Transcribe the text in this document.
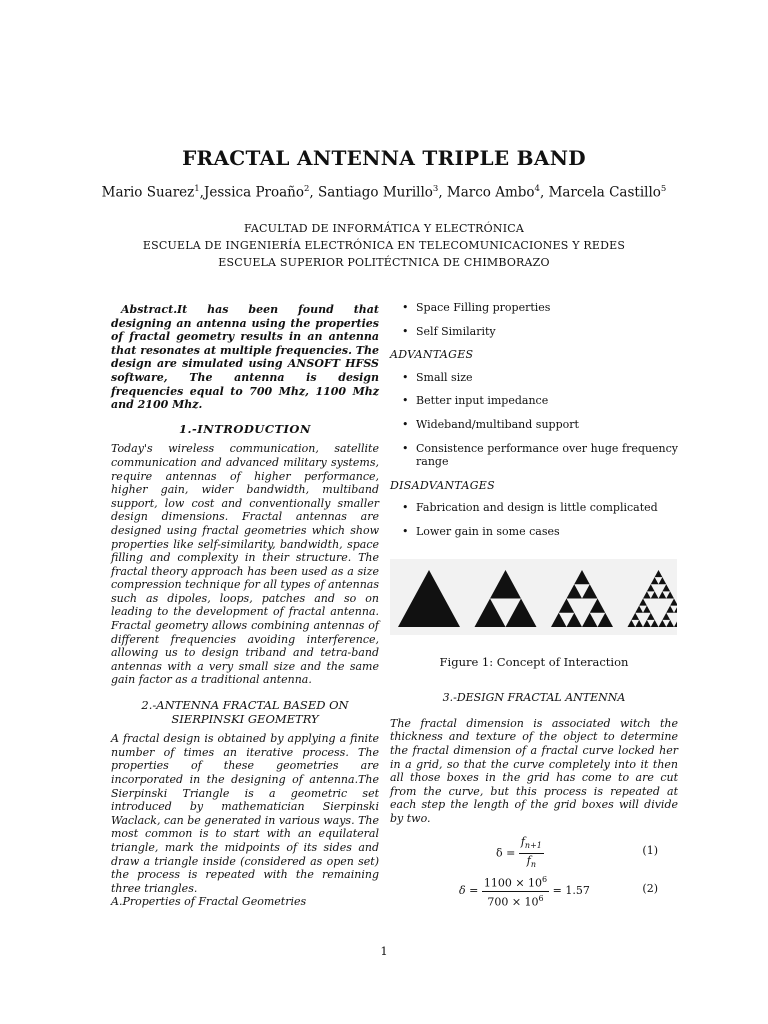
FRACTAL ANTENNA TRIPLE BAND
Mario Suarez$^1$,Jessica Proaño$^2$, Santiago Murillo$^3$, Marco Ambo$^4$, Marcela Castillo$^5$
FACULTAD DE INFORMÁTICA Y ELECTRÓNICA
ESCUELA DE INGENIERÍA ELECTRÓNICA EN TELECOMUNICACIONES Y REDES
ESCUELA SUPERIOR POLITÉCTNICA DE CHIMBORAZO

Abstract.It has been found that designing an antenna using the properties of fractal geometry results in an antenna that resonates at multiple frequencies. The design are simulated using ANSOFT HFSS software, The antenna is design frequencies equal to 700 Mhz, 1100 Mhz and 2100 Mhz.

1.-INTRODUCTION

Today's wireless communication, satellite communication and advanced military systems, require antennas of higher performance, higher gain, wider bandwidth, multiband support, low cost and conventionally smaller design dimensions. Fractal antennas are designed using fractal geometries which show properties like self-similarity, bandwidth, space filling and complexity in their structure. The fractal theory approach has been used as a size compression technique for all types of antennas such as dipoles, loops, patches and so on leading to the development of fractal antenna. Fractal geometry allows combining antennas of different frequencies avoiding interference, allowing us to design triband and tetra-band antennas with a very small size and the same gain factor as a traditional antenna.

2.-ANTENNA FRACTAL BASED ON
SIERPINSKI GEOMETRY

A fractal design is obtained by applying a finite number of times an iterative process. The properties of these geometries are incorporated in the designing of antenna.The Sierpinski Triangle is a geometric set introduced by mathematician Sierpinski Waclack, can be generated in various ways. The most common is to start with an equilateral triangle, mark the midpoints of its sides and draw a triangle inside (considered as open set) the process is repeated with the remaining three triangles.

A.Properties of Fractal Geometries

• Space Filling properties
• Self Similarity
ADVANTAGES
• Small size
• Better input impedance
• Wideband/multiband support
• Consistence performance over huge frequency range
DISADVANTAGES
• Fabrication and design is little complicated
• Lower gain in some cases
Figure 1: Concept of Interaction
3.-DESIGN FRACTAL ANTENNA

The fractal dimension is associated witch the thickness and texture of the object to determine the fractal dimension of a fractal curve locked her in a grid, so that the curve completely into it then all those boxes in the grid has come to are cut from the curve, but this process is repeated at each step the length of the grid boxes will divide by two.

$\delta = \frac{f_{n+1}}{f_n}$	(1)
$\delta = \frac{1100 \times 10^6}{700 \times 10^6} = 1.57$	(2)
1
